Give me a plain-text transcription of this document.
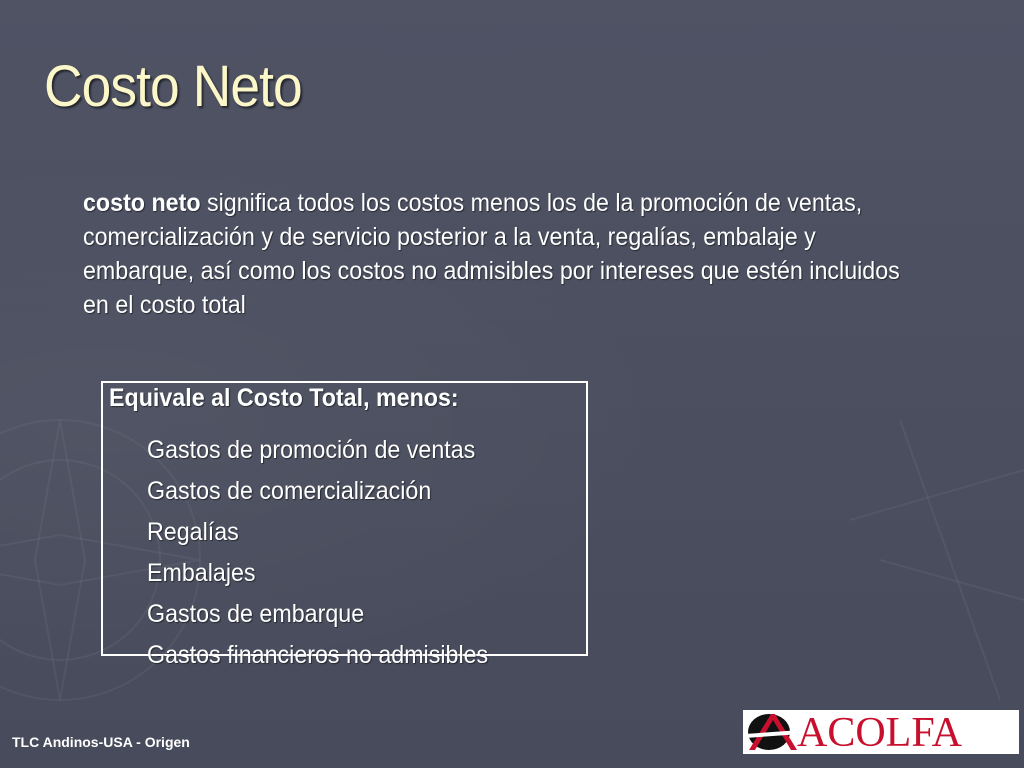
Costo Neto

costo neto significa todos los costos menos los de la promoción de ventas, comercialización y de servicio posterior a la venta, regalías, embalaje y embarque, así como los costos no admisibles por intereses que estén incluidos en el costo total

Equivale al Costo Total, menos:
Gastos de promoción de ventas
Gastos de comercialización
Regalías
Embalajes
Gastos de embarque
Gastos financieros no admisibles
TLC Andinos-USA - Origen	ACOLFA
